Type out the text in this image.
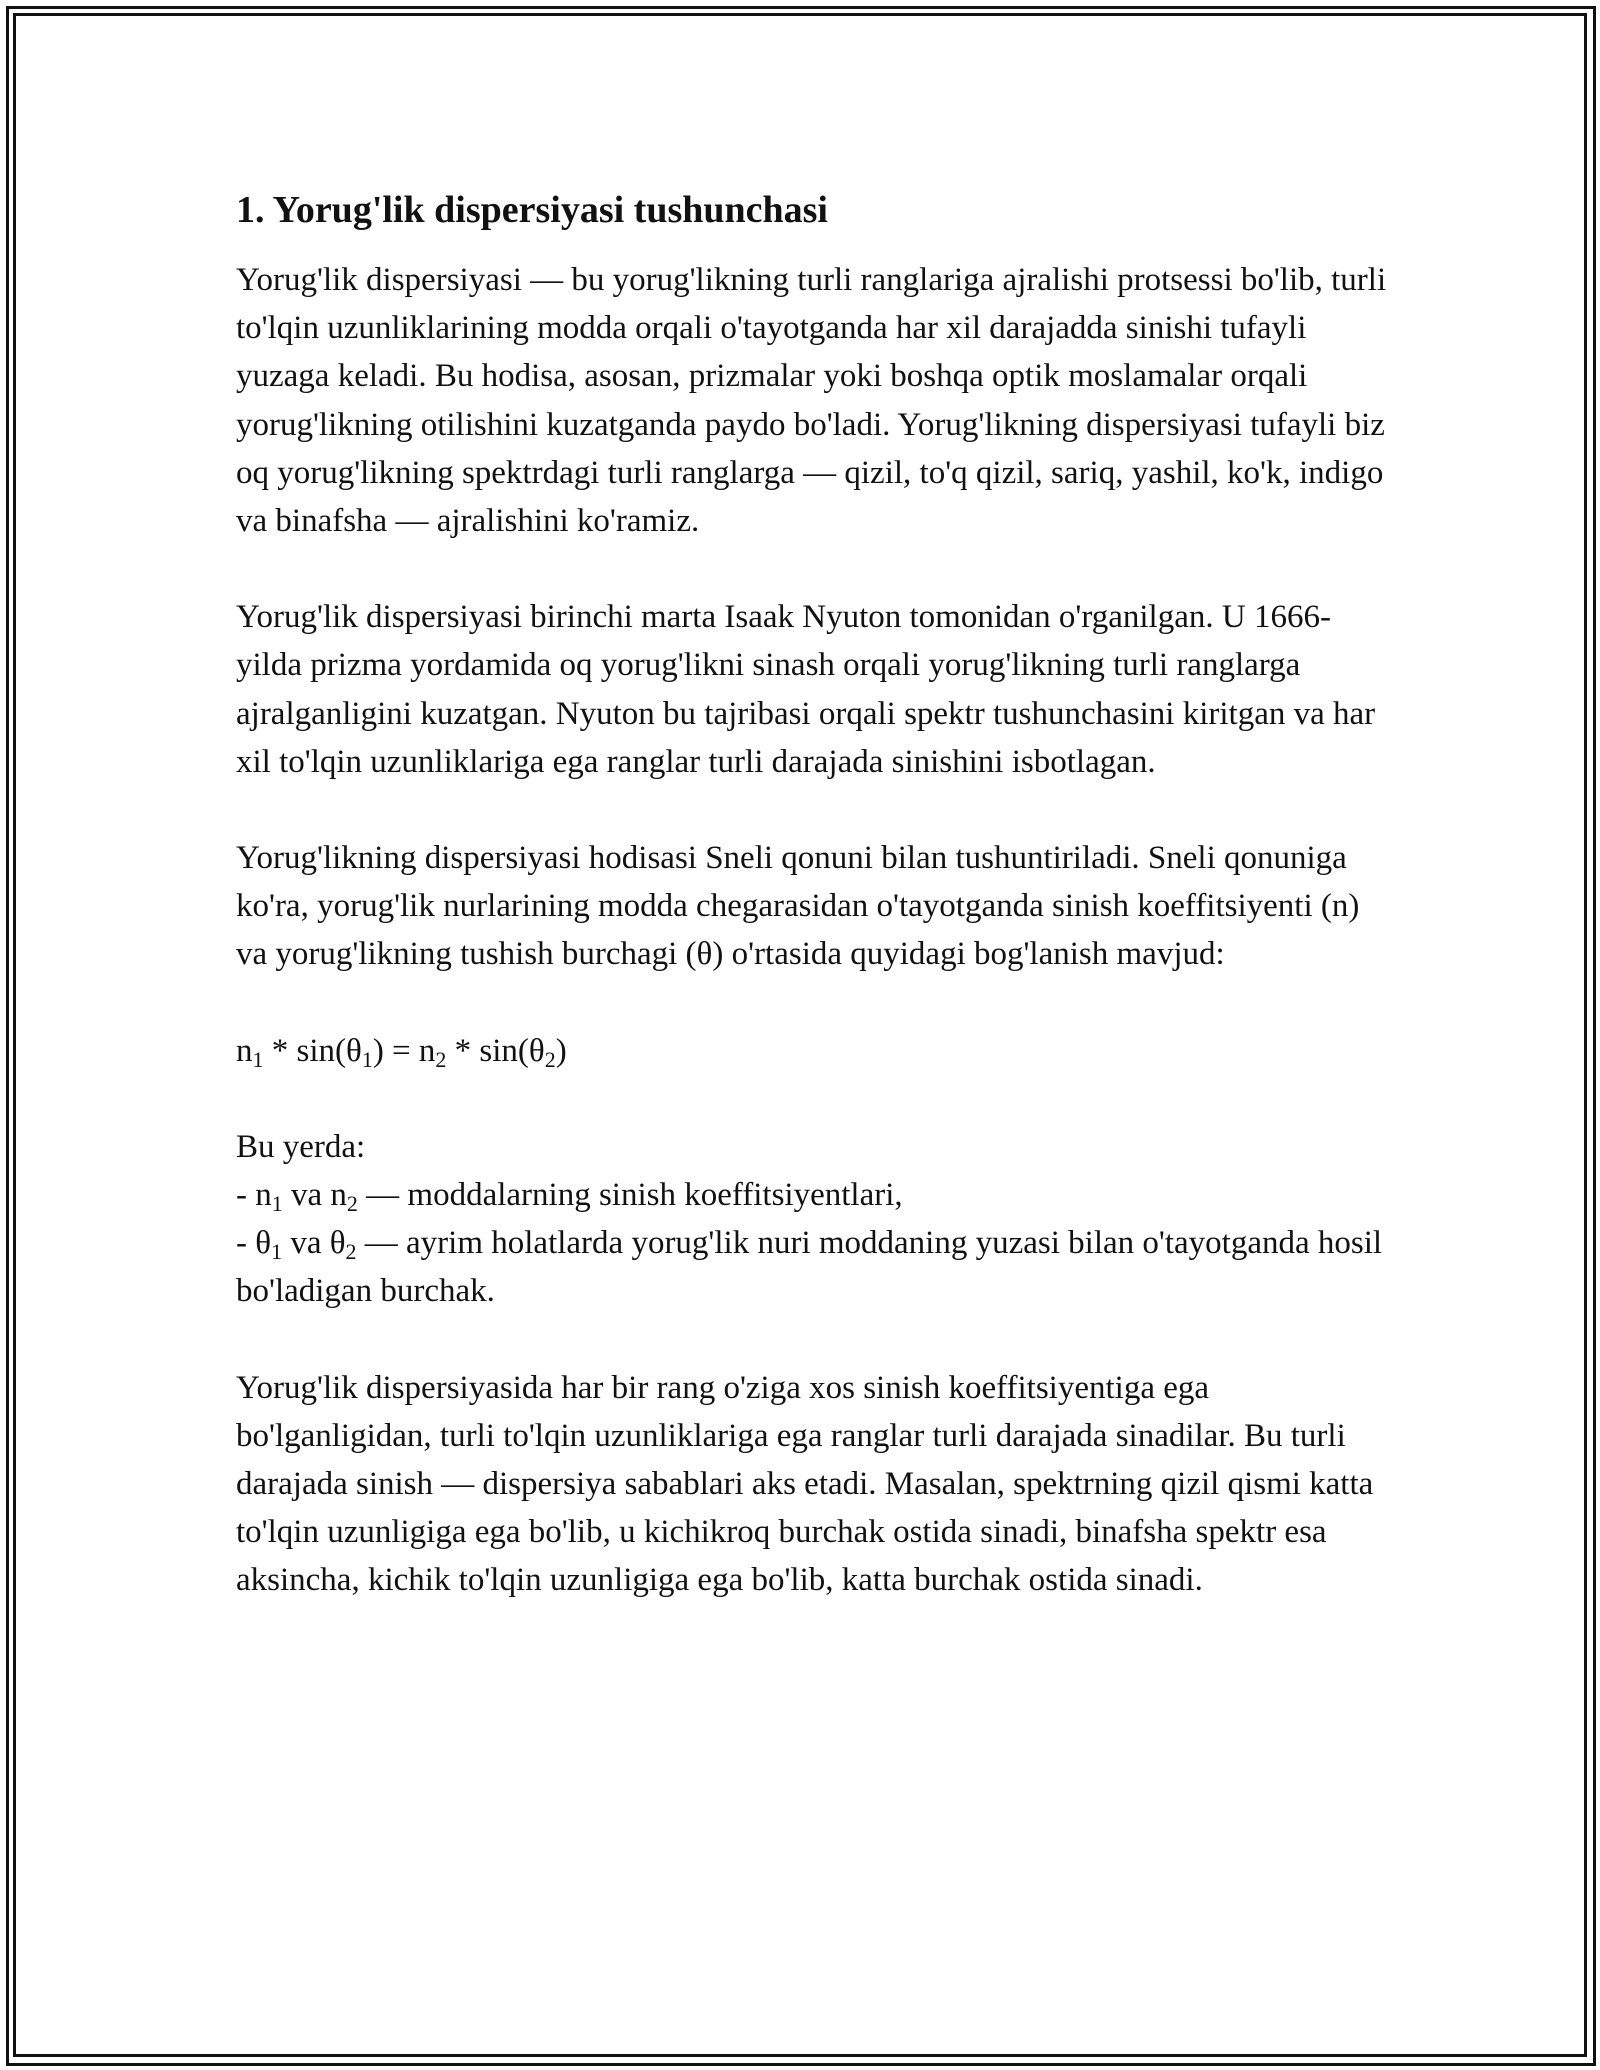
1. Yorug'lik dispersiyasi tushunchasi

Yorug'lik dispersiyasi — bu yorug'likning turli ranglariga ajralishi protsessi bo'lib, turli to'lqin uzunliklarining modda orqali o'tayotganda har xil darajadda sinishi tufayli yuzaga keladi. Bu hodisa, asosan, prizmalar yoki boshqa optik moslamalar orqali yorug'likning otilishini kuzatganda paydo bo'ladi. Yorug'likning dispersiyasi tufayli biz oq yorug'likning spektrdagi turli ranglarga — qizil, to'q qizil, sariq, yashil, ko'k, indigo va binafsha — ajralishini ko'ramiz.

Yorug'lik dispersiyasi birinchi marta Isaak Nyuton tomonidan o'rganilgan. U 1666-yilda prizma yordamida oq yorug'likni sinash orqali yorug'likning turli ranglarga ajralganligini kuzatgan. Nyuton bu tajribasi orqali spektr tushunchasini kiritgan va har xil to'lqin uzunliklariga ega ranglar turli darajada sinishini isbotlagan.

Yorug'likning dispersiyasi hodisasi Sneli qonuni bilan tushuntiriladi. Sneli qonuniga ko'ra, yorug'lik nurlarining modda chegarasidan o'tayotganda sinish koeffitsiyenti (n) va yorug'likning tushish burchagi (θ) o'rtasida quyidagi bog'lanish mavjud:

$n_1 * \sin(\theta_1) = n_2 * \sin(\theta_2)$
Bu yerda:
- $n_1$ va $n_2$ — moddalarning sinish koeffitsiyentlari,
- $\theta_1$ va $\theta_2$ — ayrim holatlarda yorug'lik nuri moddaning yuzasi bilan o'tayotganda hosil bo'ladigan burchak.

Yorug'lik dispersiyasida har bir rang o'ziga xos sinish koeffitsiyentiga ega bo'lganligidan, turli to'lqin uzunliklariga ega ranglar turli darajada sinadilar. Bu turli darajada sinish — dispersiya sabablari aks etadi. Masalan, spektrning qizil qismi katta to'lqin uzunligiga ega bo'lib, u kichikroq burchak ostida sinadi, binafsha spektr esa aksincha, kichik to'lqin uzunligiga ega bo'lib, katta burchak ostida sinadi.
